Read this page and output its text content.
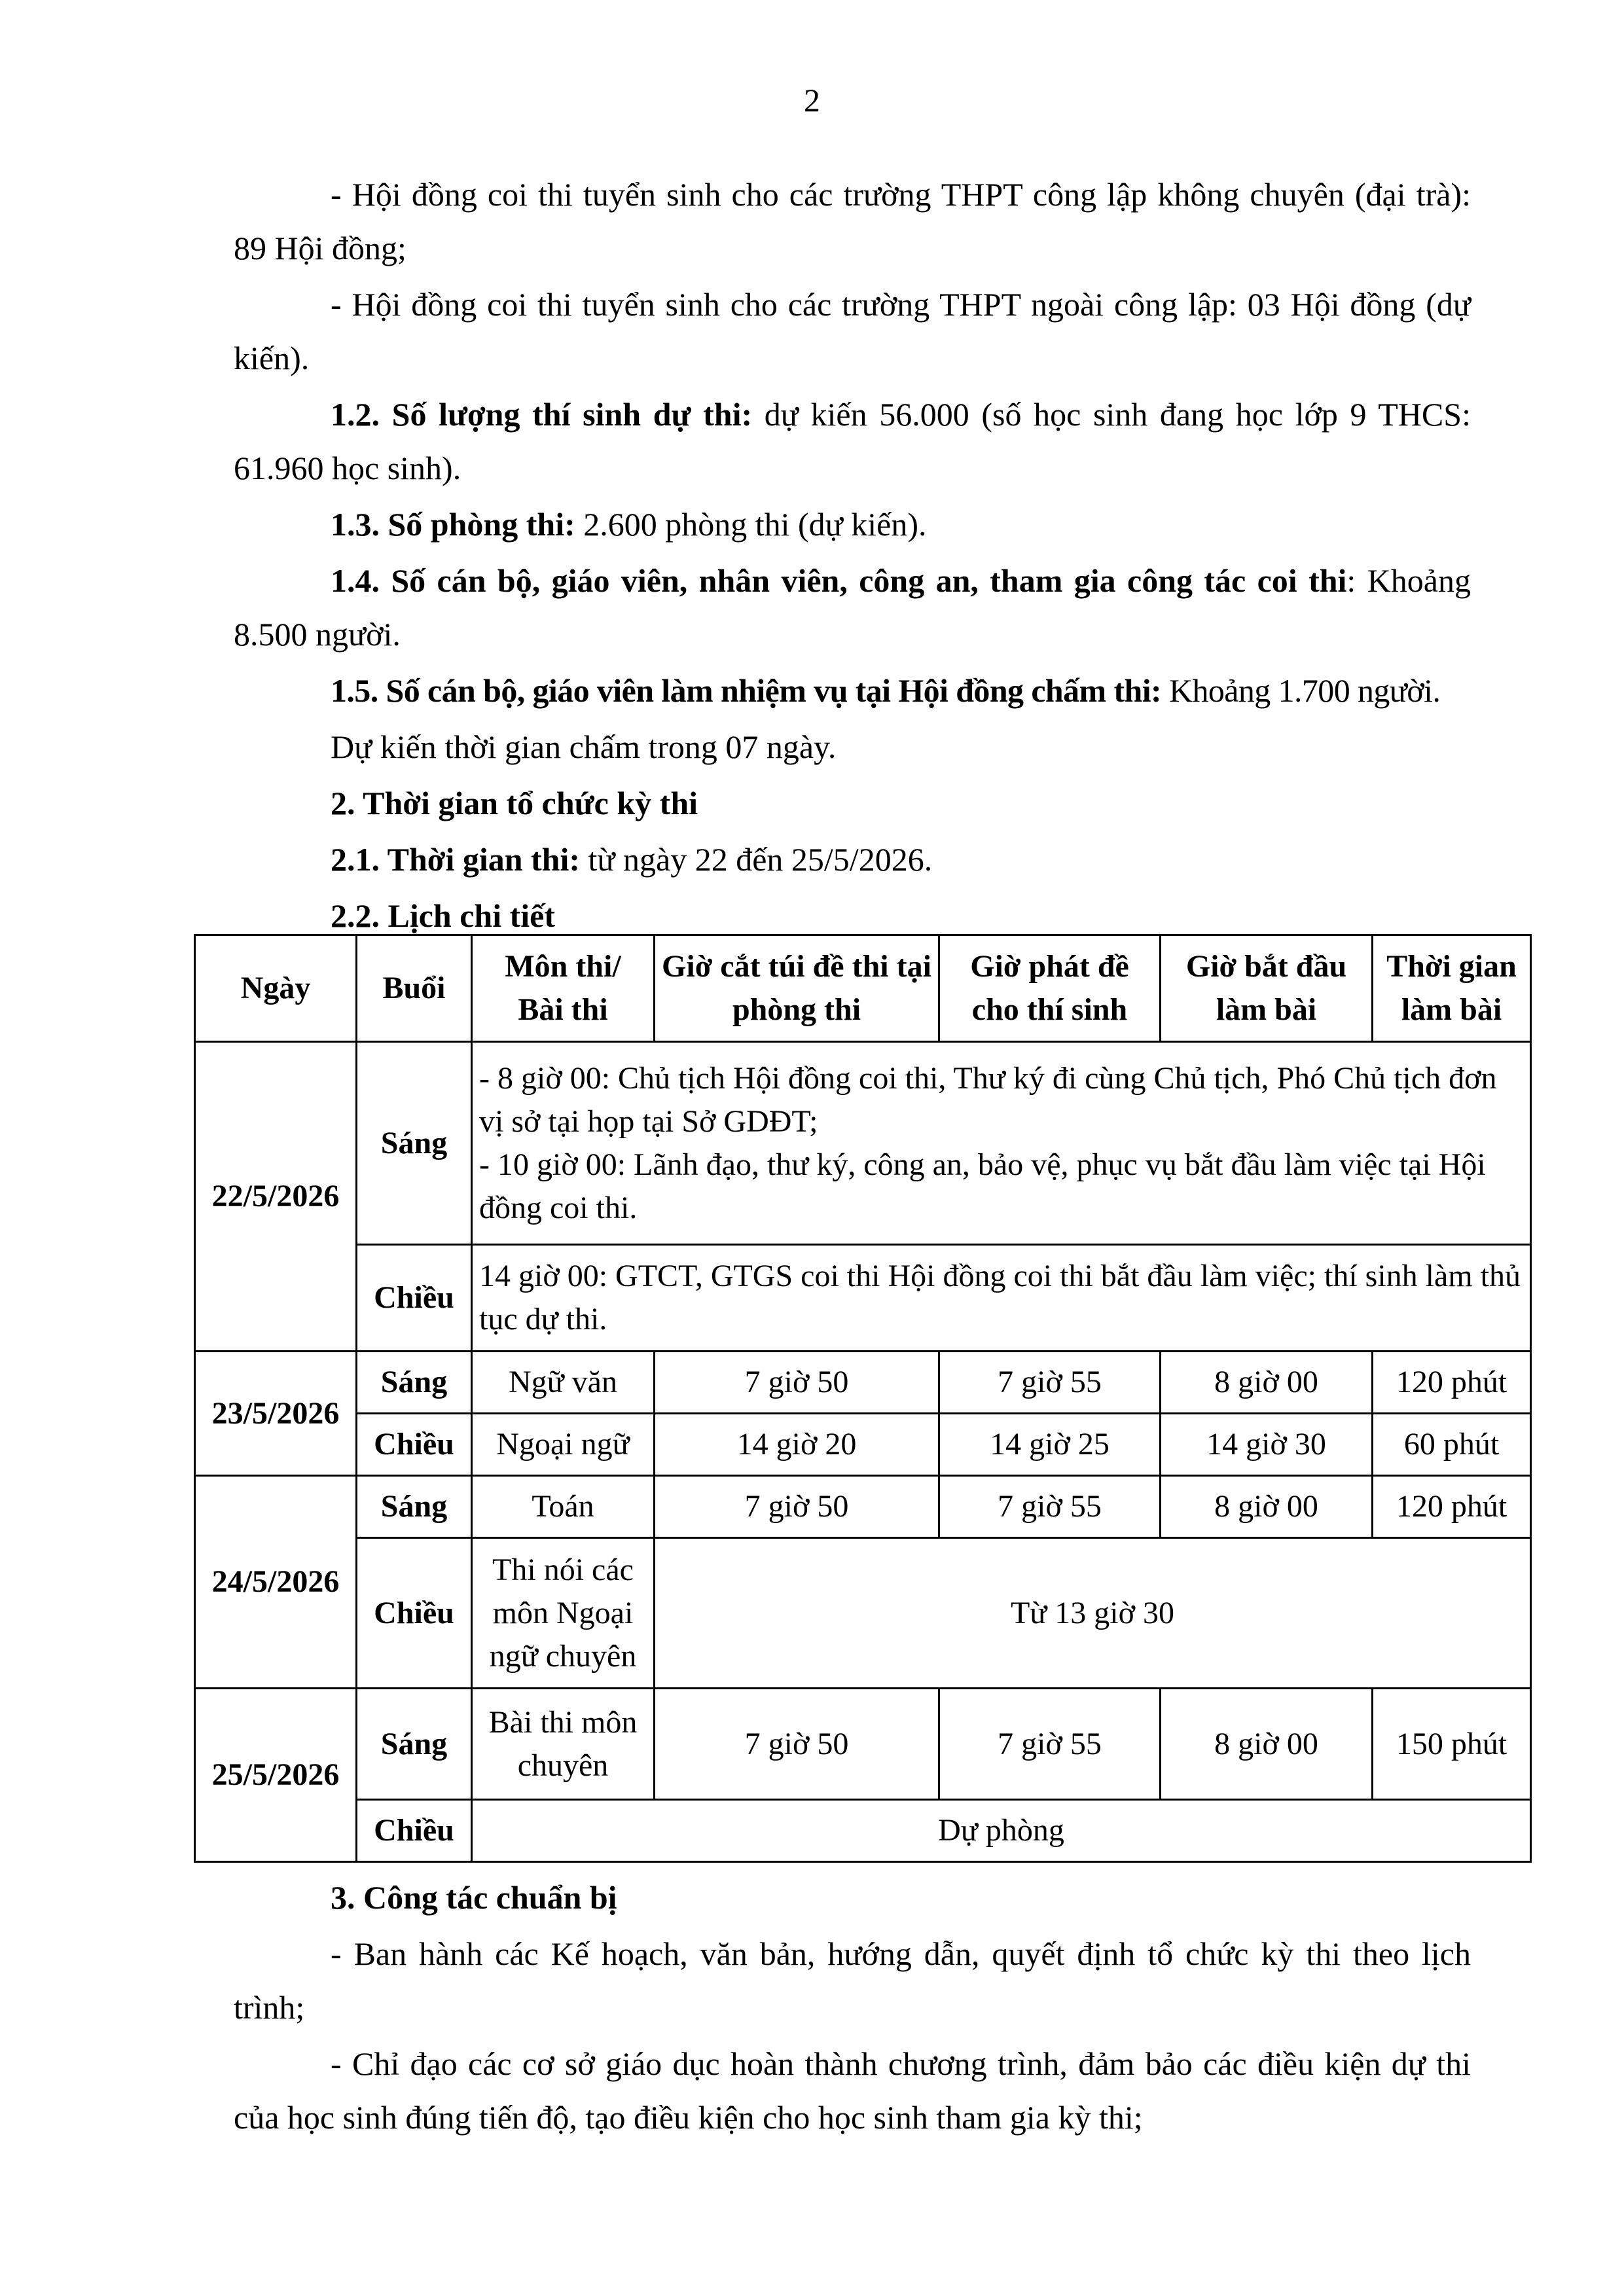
2

- Hội đồng coi thi tuyển sinh cho các trường THPT công lập không chuyên (đại trà): 89 Hội đồng;

- Hội đồng coi thi tuyển sinh cho các trường THPT ngoài công lập: 03 Hội đồng (dự kiến).

1.2. Số lượng thí sinh dự thi: dự kiến 56.000 (số học sinh đang học lớp 9 THCS: 61.960 học sinh).

1.3. Số phòng thi: 2.600 phòng thi (dự kiến).

1.4. Số cán bộ, giáo viên, nhân viên, công an, tham gia công tác coi thi: Khoảng 8.500 người.

1.5. Số cán bộ, giáo viên làm nhiệm vụ tại Hội đồng chấm thi: Khoảng 1.700 người.

Dự kiến thời gian chấm trong 07 ngày.

2. Thời gian tổ chức kỳ thi

2.1. Thời gian thi: từ ngày 22 đến 25/5/2026.

2.2. Lịch chi tiết

Ngày	Buổi	Môn thi/ Bài thi	Giờ cắt túi đề thi tại phòng thi	Giờ phát đề cho thí sinh	Giờ bắt đầu làm bài	Thời gian làm bài
22/5/2026	Sáng	- 8 giờ 00: Chủ tịch Hội đồng coi thi, Thư ký đi cùng Chủ tịch, Phó Chủ tịch đơn vị sở tại họp tại Sở GDĐT;

- 10 giờ 00: Lãnh đạo, thư ký, công an, bảo vệ, phục vụ bắt đầu làm việc tại Hội đồng coi thi.				

	Chiều	14 giờ 00: GTCT, GTGS coi thi Hội đồng coi thi bắt đầu làm việc; thí sinh làm thủ tục dự thi.				
23/5/2026	Sáng	Ngữ văn	7 giờ 50	7 giờ 55	8 giờ 00	120 phút
	Chiều	Ngoại ngữ	14 giờ 20	14 giờ 25	14 giờ 30	60 phút
24/5/2026	Sáng	Toán	7 giờ 50	7 giờ 55	8 giờ 00	120 phút
	Chiều	Thi nói các môn Ngoại ngữ chuyên	Từ 13 giờ 30			
25/5/2026	Sáng	Bài thi môn chuyên	7 giờ 50	7 giờ 55	8 giờ 00	150 phút
	Chiều	Dự phòng				

3. Công tác chuẩn bị

- Ban hành các Kế hoạch, văn bản, hướng dẫn, quyết định tổ chức kỳ thi theo lịch trình;

- Chỉ đạo các cơ sở giáo dục hoàn thành chương trình, đảm bảo các điều kiện dự thi của học sinh đúng tiến độ, tạo điều kiện cho học sinh tham gia kỳ thi;
